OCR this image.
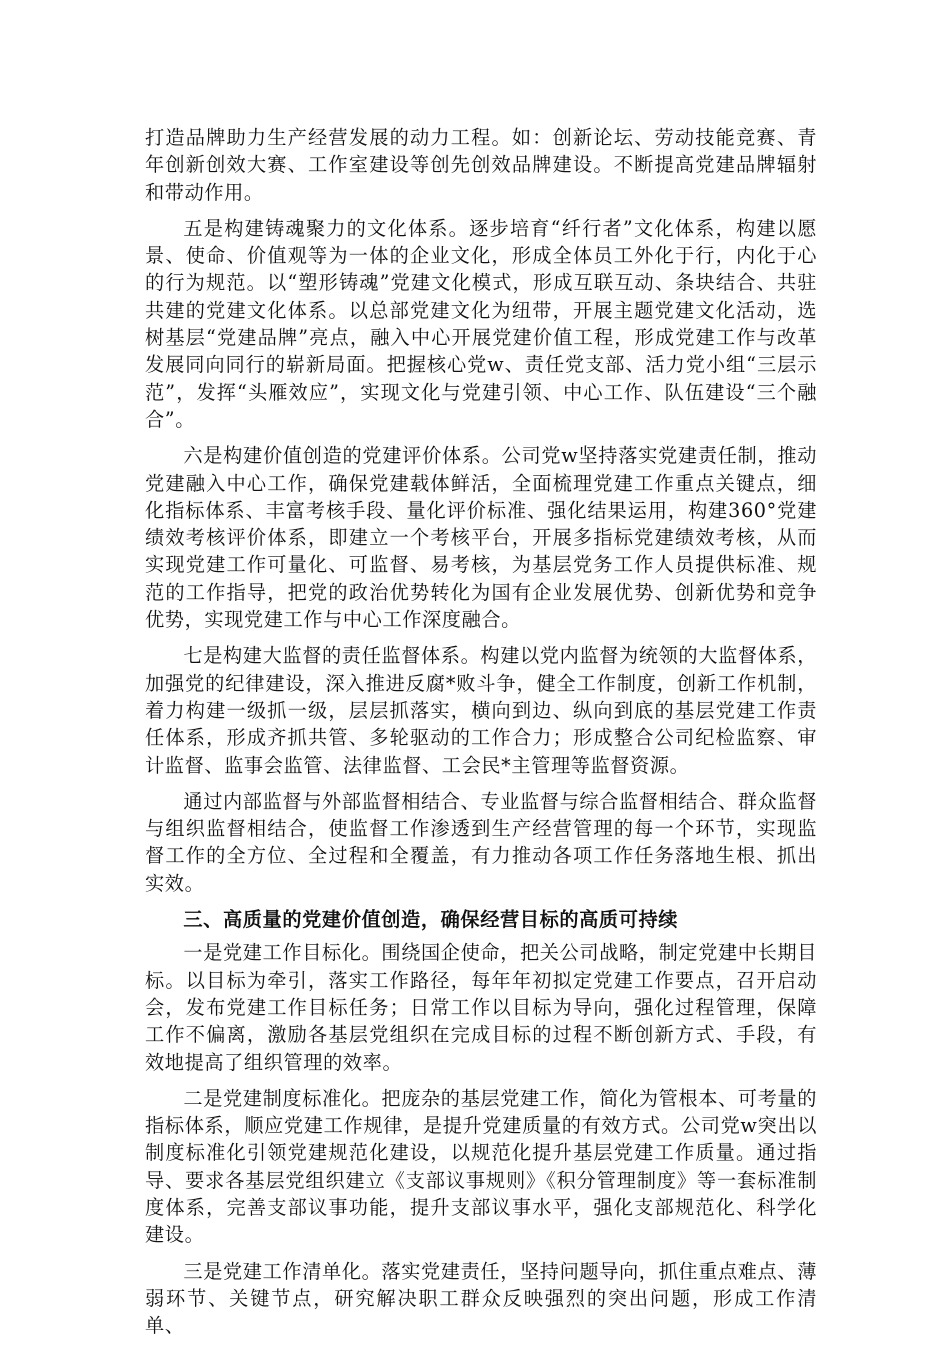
打造品牌助力生产经营发展的动力工程。如：创新论坛、劳动技能竞赛、青年创新创效大赛、工作室建设等创先创效品牌建设。不断提高党建品牌辐射和带动作用。

五是构建铸魂聚力的文化体系。逐步培育“纤行者”文化体系，构建以愿景、使命、价值观等为一体的企业文化，形成全体员工外化于行，内化于心的行为规范。以“塑形铸魂”党建文化模式，形成互联互动、条块结合、共驻共建的党建文化体系。以总部党建文化为纽带，开展主题党建文化活动，选树基层“党建品牌”亮点，融入中心开展党建价值工程，形成党建工作与改革发展同向同行的崭新局面。把握核心党w、责任党支部、活力党小组“三层示范”，发挥“头雁效应”，实现文化与党建引领、中心工作、队伍建设“三个融合”。

六是构建价值创造的党建评价体系。公司党w坚持落实党建责任制，推动党建融入中心工作，确保党建载体鲜活，全面梳理党建工作重点关键点，细化指标体系、丰富考核手段、量化评价标准、强化结果运用，构建360°党建绩效考核评价体系，即建立一个考核平台，开展多指标党建绩效考核，从而实现党建工作可量化、可监督、易考核，为基层党务工作人员提供标准、规范的工作指导，把党的政治优势转化为国有企业发展优势、创新优势和竞争优势，实现党建工作与中心工作深度融合。

七是构建大监督的责任监督体系。构建以党内监督为统领的大监督体系，加强党的纪律建设，深入推进反腐*败斗争，健全工作制度，创新工作机制，着力构建一级抓一级，层层抓落实，横向到边、纵向到底的基层党建工作责任体系，形成齐抓共管、多轮驱动的工作合力；形成整合公司纪检监察、审计监督、监事会监管、法律监督、工会民*主管理等监督资源。

通过内部监督与外部监督相结合、专业监督与综合监督相结合、群众监督与组织监督相结合，使监督工作渗透到生产经营管理的每一个环节，实现监督工作的全方位、全过程和全覆盖，有力推动各项工作任务落地生根、抓出实效。

三、高质量的党建价值创造，确保经营目标的高质可持续

一是党建工作目标化。围绕国企使命，把关公司战略，制定党建中长期目标。以目标为牵引，落实工作路径，每年年初拟定党建工作要点，召开启动会，发布党建工作目标任务；日常工作以目标为导向，强化过程管理，保障工作不偏离，激励各基层党组织在完成目标的过程不断创新方式、手段，有效地提高了组织管理的效率。

二是党建制度标准化。把庞杂的基层党建工作，简化为管根本、可考量的指标体系，顺应党建工作规律，是提升党建质量的有效方式。公司党w突出以制度标准化引领党建规范化建设，以规范化提升基层党建工作质量。通过指导、要求各基层党组织建立《支部议事规则》《积分管理制度》等一套标准制度体系，完善支部议事功能，提升支部议事水平，强化支部规范化、科学化建设。

三是党建工作清单化。落实党建责任，坚持问题导向，抓住重点难点、薄弱环节、关键节点，研究解决职工群众反映强烈的突出问题，形成工作清单、
